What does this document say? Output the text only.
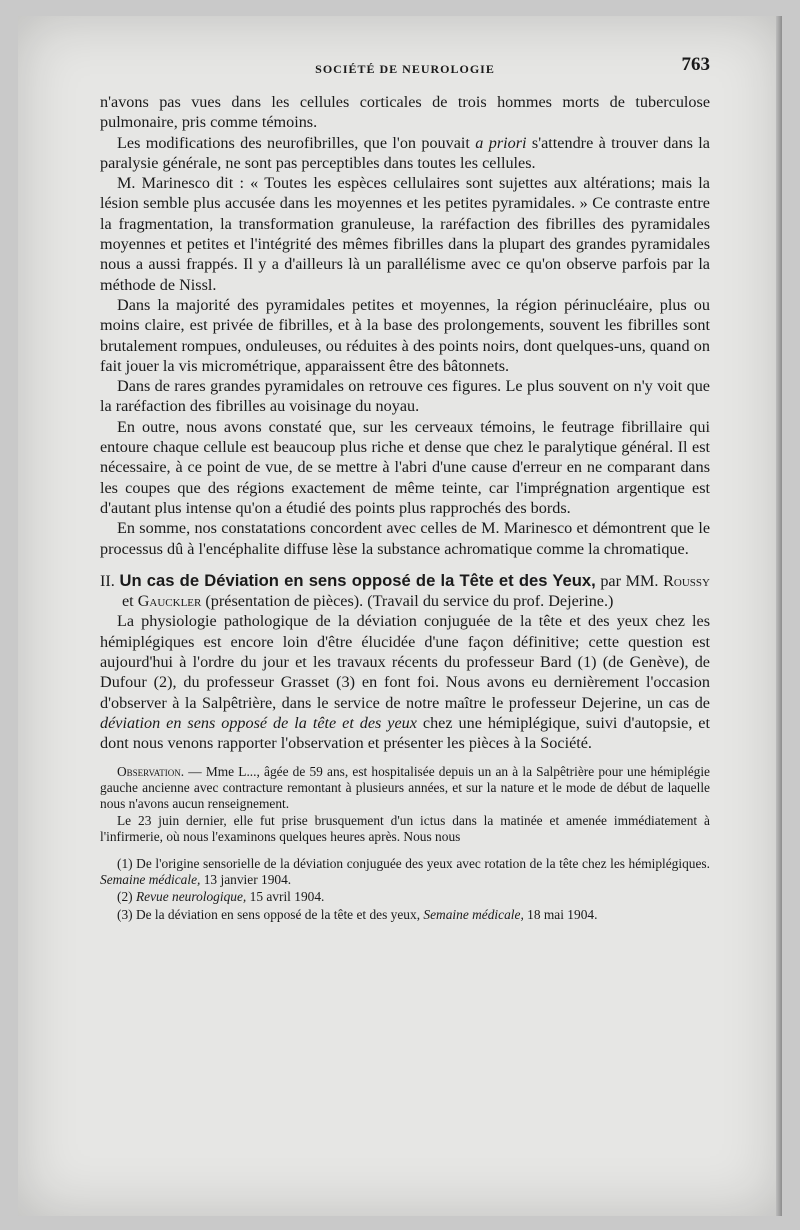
SOCIÉTÉ DE NEUROLOGIE	763

n'avons pas vues dans les cellules corticales de trois hommes morts de tuberculose pulmonaire, pris comme témoins.

Les modifications des neurofibrilles, que l'on pouvait a priori s'attendre à trouver dans la paralysie générale, ne sont pas perceptibles dans toutes les cellules.

M. Marinesco dit : « Toutes les espèces cellulaires sont sujettes aux altérations; mais la lésion semble plus accusée dans les moyennes et les petites pyramidales. » Ce contraste entre la fragmentation, la transformation granuleuse, la raréfaction des fibrilles des pyramidales moyennes et petites et l'intégrité des mêmes fibrilles dans la plupart des grandes pyramidales nous a aussi frappés. Il y a d'ailleurs là un parallélisme avec ce qu'on observe parfois par la méthode de Nissl.

Dans la majorité des pyramidales petites et moyennes, la région périnucléaire, plus ou moins claire, est privée de fibrilles, et à la base des prolongements, souvent les fibrilles sont brutalement rompues, onduleuses, ou réduites à des points noirs, dont quelques-uns, quand on fait jouer la vis micrométrique, apparaissent être des bâtonnets.

Dans de rares grandes pyramidales on retrouve ces figures. Le plus souvent on n'y voit que la raréfaction des fibrilles au voisinage du noyau.

En outre, nous avons constaté que, sur les cerveaux témoins, le feutrage fibrillaire qui entoure chaque cellule est beaucoup plus riche et dense que chez le paralytique général. Il est nécessaire, à ce point de vue, de se mettre à l'abri d'une cause d'erreur en ne comparant dans les coupes que des régions exactement de même teinte, car l'imprégnation argentique est d'autant plus intense qu'on a étudié des points plus rapprochés des bords.

En somme, nos constatations concordent avec celles de M. Marinesco et démontrent que le processus dû à l'encéphalite diffuse lèse la substance achromatique comme la chromatique.

II. Un cas de Déviation en sens opposé de la Tête et des Yeux, par MM. Roussy et Gauckler (présentation de pièces). (Travail du service du prof. Dejerine.)

La physiologie pathologique de la déviation conjuguée de la tête et des yeux chez les hémiplégiques est encore loin d'être élucidée d'une façon définitive; cette question est aujourd'hui à l'ordre du jour et les travaux récents du professeur Bard (1) (de Genève), de Dufour (2), du professeur Grasset (3) en font foi. Nous avons eu dernièrement l'occasion d'observer à la Salpêtrière, dans le service de notre maître le professeur Dejerine, un cas de déviation en sens opposé de la tête et des yeux chez une hémiplégique, suivi d'autopsie, et dont nous venons rapporter l'observation et présenter les pièces à la Société.

Observation. — Mme L..., âgée de 59 ans, est hospitalisée depuis un an à la Salpêtrière pour une hémiplégie gauche ancienne avec contracture remontant à plusieurs années, et sur la nature et le mode de début de laquelle nous n'avons aucun renseignement.

Le 23 juin dernier, elle fut prise brusquement d'un ictus dans la matinée et amenée immédiatement à l'infirmerie, où nous l'examinons quelques heures après. Nous nous

(1) De l'origine sensorielle de la déviation conjuguée des yeux avec rotation de la tête chez les hémiplégiques. Semaine médicale, 13 janvier 1904.

(2) Revue neurologique, 15 avril 1904.

(3) De la déviation en sens opposé de la tête et des yeux, Semaine médicale, 18 mai 1904.
